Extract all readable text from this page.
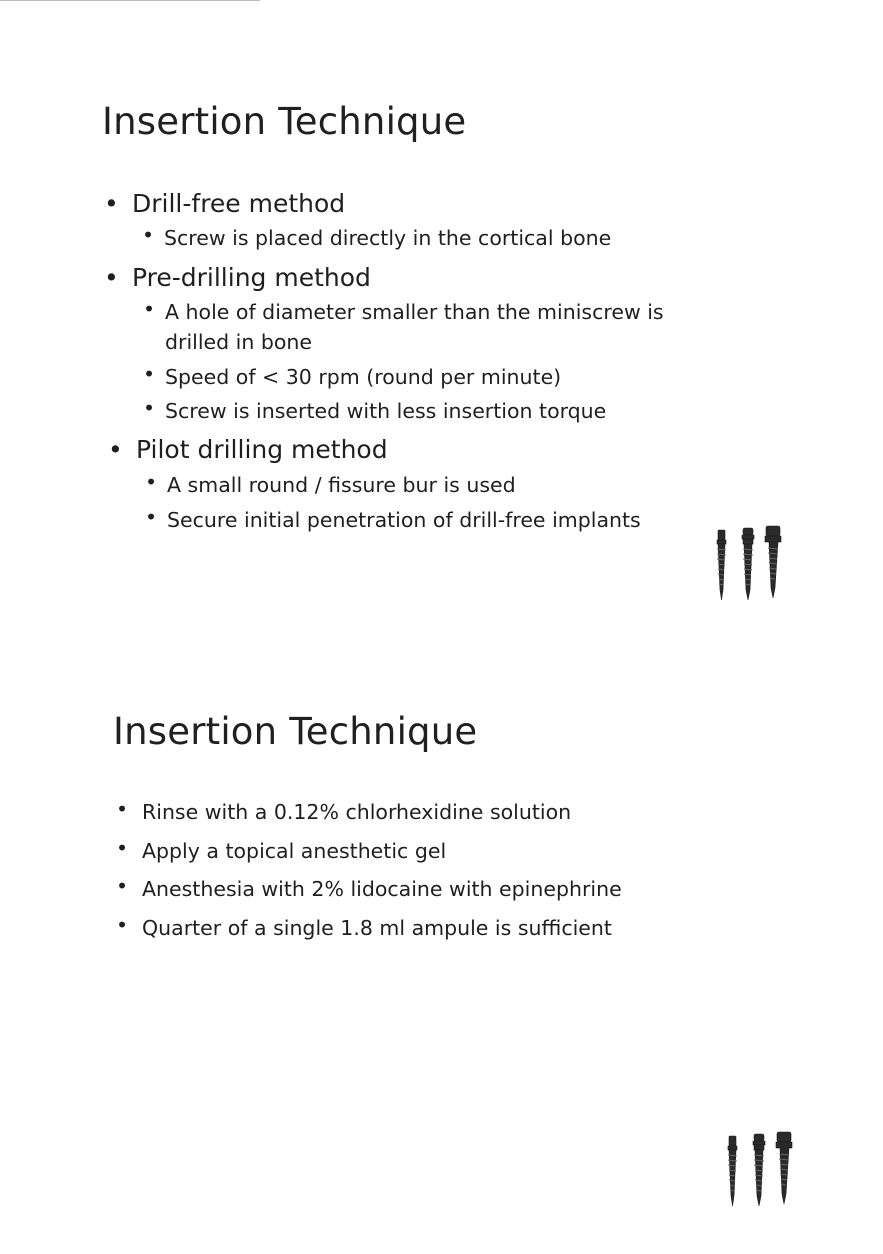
Insertion Technique
• Drill-free method
• Screw is placed directly in the cortical bone
• Pre-drilling method
• A hole of diameter smaller than the miniscrew is
drilled in bone
• Speed of < 30 rpm (round per minute)
• Screw is inserted with less insertion torque
• Pilot drilling method
• A small round / fissure bur is used
• Secure initial penetration of drill-free implants
Insertion Technique
• Rinse with a 0.12% chlorhexidine solution
• Apply a topical anesthetic gel
• Anesthesia with 2% lidocaine with epinephrine
• Quarter of a single 1.8 ml ampule is sufficient
